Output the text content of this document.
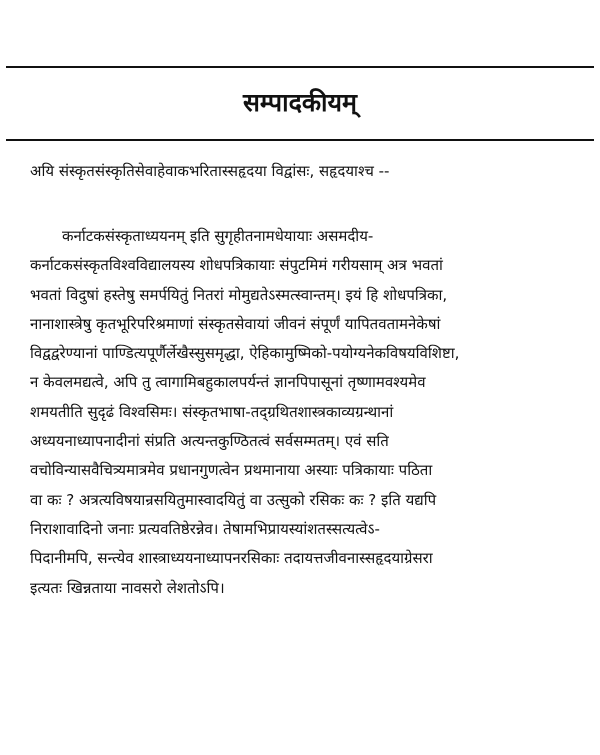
सम्पादकीयम्
अयि संस्कृतसंस्कृतिसेवाहेवाकभरितास्सहृदया विद्वांसः, सहृदयाश्च --
कर्नाटकसंस्कृताध्ययनम् इति सुगृहीतनामधेयायाः असमदीय-
कर्नाटकसंस्कृतविश्वविद्यालयस्य शोधपत्रिकायाः संपुटमिमं गरीयसाम् अत्र भवतां
भवतां विदुषां हस्तेषु समर्पयितुं नितरां मोमुद्यतेऽस्मत्स्वान्तम्। इयं हि शोधपत्रिका,
नानाशास्त्रेषु कृतभूरिपरिश्रमाणां संस्कृतसेवायां जीवनं संपूर्णं यापितवतामनेकेषां
विद्वद्वरेण्यानां पाण्डित्यपूर्णैर्लेखैस्सुसमृद्धा, ऐहिकामुष्मिको-पयोग्यनेकविषयविशिष्टा,
न केवलमद्यत्वे, अपि तु त्वागामिबहुकालपर्यन्तं ज्ञानपिपासूनां तृष्णामवश्यमेव
शमयतीति सुदृढं विश्वसिमः। संस्कृतभाषा-तद्ग्रथितशास्त्रकाव्यग्रन्थानां
अध्ययनाध्यापनादीनां संप्रति अत्यन्तकुण्ठितत्वं सर्वसम्मतम्। एवं सति
वचोविन्यासवैचित्र्यमात्रमेव प्रधानगुणत्वेन प्रथमानाया अस्याः पत्रिकायाः पठिता
वा कः ? अत्रत्यविषयान्रसयितुमास्वादयितुं वा उत्सुको रसिकः कः ? इति यद्यपि
निराशावादिनो जनाः प्रत्यवतिष्ठेरन्नेव। तेषामभिप्रायस्यांशतस्सत्यत्वेऽ-
पिदानीमपि, सन्त्येव शास्त्राध्ययनाध्यापनरसिकाः तदायत्तजीवनास्सहृदयाग्रेसरा
इत्यतः खिन्नताया नावसरो लेशतोऽपि।
